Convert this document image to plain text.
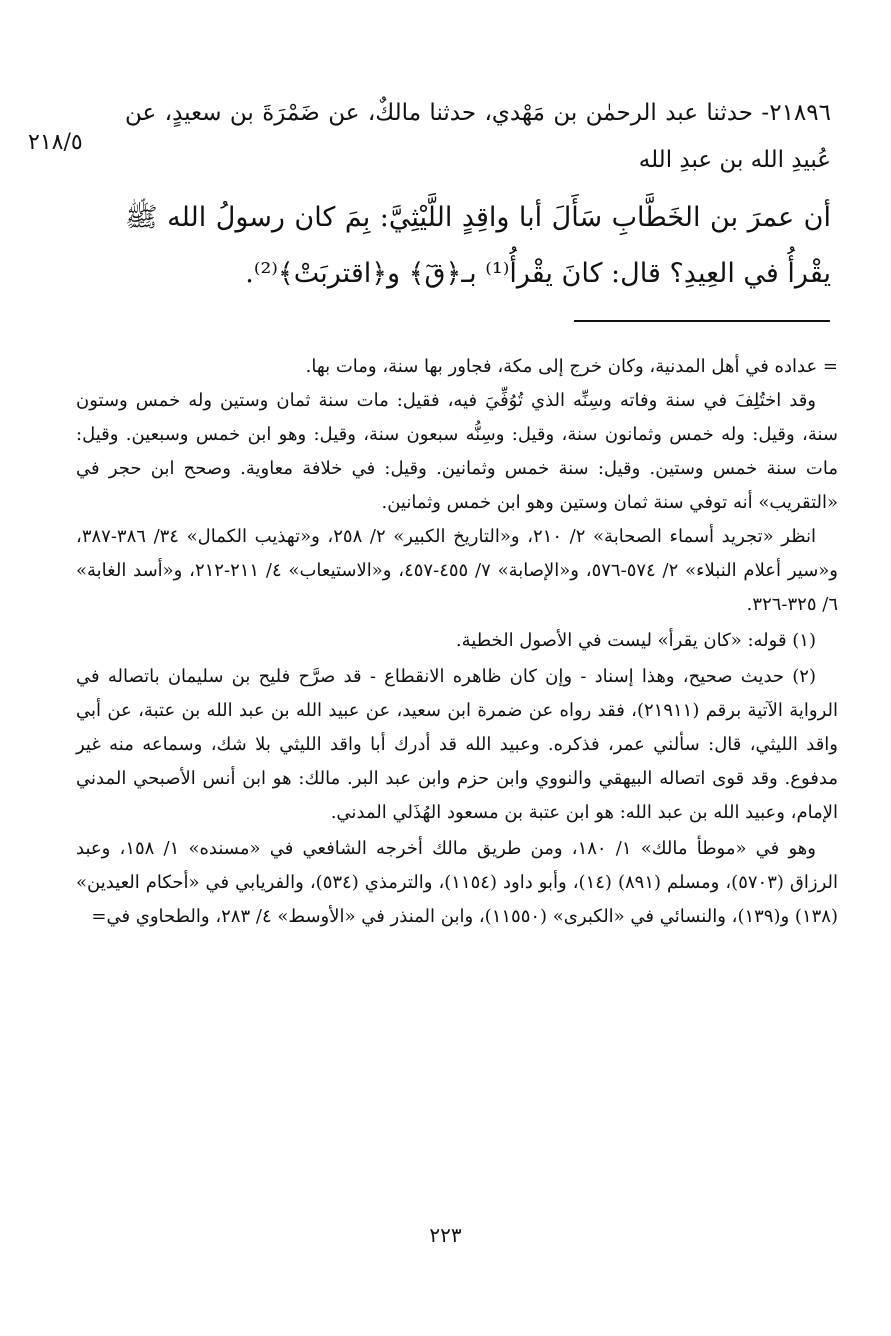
٢١٨/٥

٢١٨٩٦- حدثنا عبد الرحمٰن بن مَهْدي، حدثنا مالكٌ، عن ضَمْرَةَ بن سعيدٍ، عن عُبيدِ الله بن عبدِ الله

أن عمرَ بن الخَطَّابِ سَأَلَ أبا واقِدٍ اللَّيْثِيَّ: بِمَ كان رسولُ الله ﷺ يقْرأُ في العِيدِ؟ قال: كانَ يقْرأُ⁽¹⁾ بـ﴿قٓ﴾ و﴿اقتربَتْ﴾⁽²⁾.

= عداده في أهل المدنية، وكان خرج إلى مكة، فجاور بها سنة، ومات بها.

وقد اختُلِفَ في سنة وفاته وسِنِّه الذي تُوُفِّيَ فيه، فقيل: مات سنة ثمان وستين وله خمس وستون سنة، وقيل: وله خمس وثمانون سنة، وقيل: وسِنُّه سبعون سنة، وقيل: وهو ابن خمس وسبعين. وقيل: مات سنة خمس وستين. وقيل: سنة خمس وثمانين. وقيل: في خلافة معاوية. وصحح ابن حجر في «التقريب» أنه توفي سنة ثمان وستين وهو ابن خمس وثمانين.

انظر «تجريد أسماء الصحابة» ٢/ ٢١٠، و«التاريخ الكبير» ٢/ ٢٥٨، و«تهذيب الكمال» ٣٤/ ٣٨٦-٣٨٧، و«سير أعلام النبلاء» ٢/ ٥٧٤-٥٧٦، و«الإصابة» ٧/ ٤٥٥-٤٥٧، و«الاستيعاب» ٤/ ٢١١-٢١٢، و«أسد الغابة» ٦/ ٣٢٥-٣٢٦.

(١) قوله: «كان يقرأ» ليست في الأصول الخطية.

(٢) حديث صحيح، وهذا إسناد - وإن كان ظاهره الانقطاع - قد صرَّح فليح بن سليمان باتصاله في الرواية الآتية برقم (٢١٩١١)، فقد رواه عن ضمرة ابن سعيد، عن عبيد الله بن عبد الله بن عتبة، عن أبي واقد الليثي، قال: سألني عمر، فذكره. وعبيد الله قد أدرك أبا واقد الليثي بلا شك، وسماعه منه غير مدفوع. وقد قوى اتصاله البيهقي والنووي وابن حزم وابن عبد البر. مالك: هو ابن أنس الأصبحي المدني الإمام، وعبيد الله بن عبد الله: هو ابن عتبة بن مسعود الهُذَلي المدني.

وهو في «موطأ مالك» ١/ ١٨٠، ومن طريق مالك أخرجه الشافعي في «مسنده» ١/ ١٥٨، وعبد الرزاق (٥٧٠٣)، ومسلم (٨٩١) (١٤)، وأبو داود (١١٥٤)، والترمذي (٥٣٤)، والفريابي في «أحكام العيدين» (١٣٨) و(١٣٩)، والنسائي في «الكبرى» (١١٥٥٠)، وابن المنذر في «الأوسط» ٤/ ٢٨٣، والطحاوي في=

٢٢٣
